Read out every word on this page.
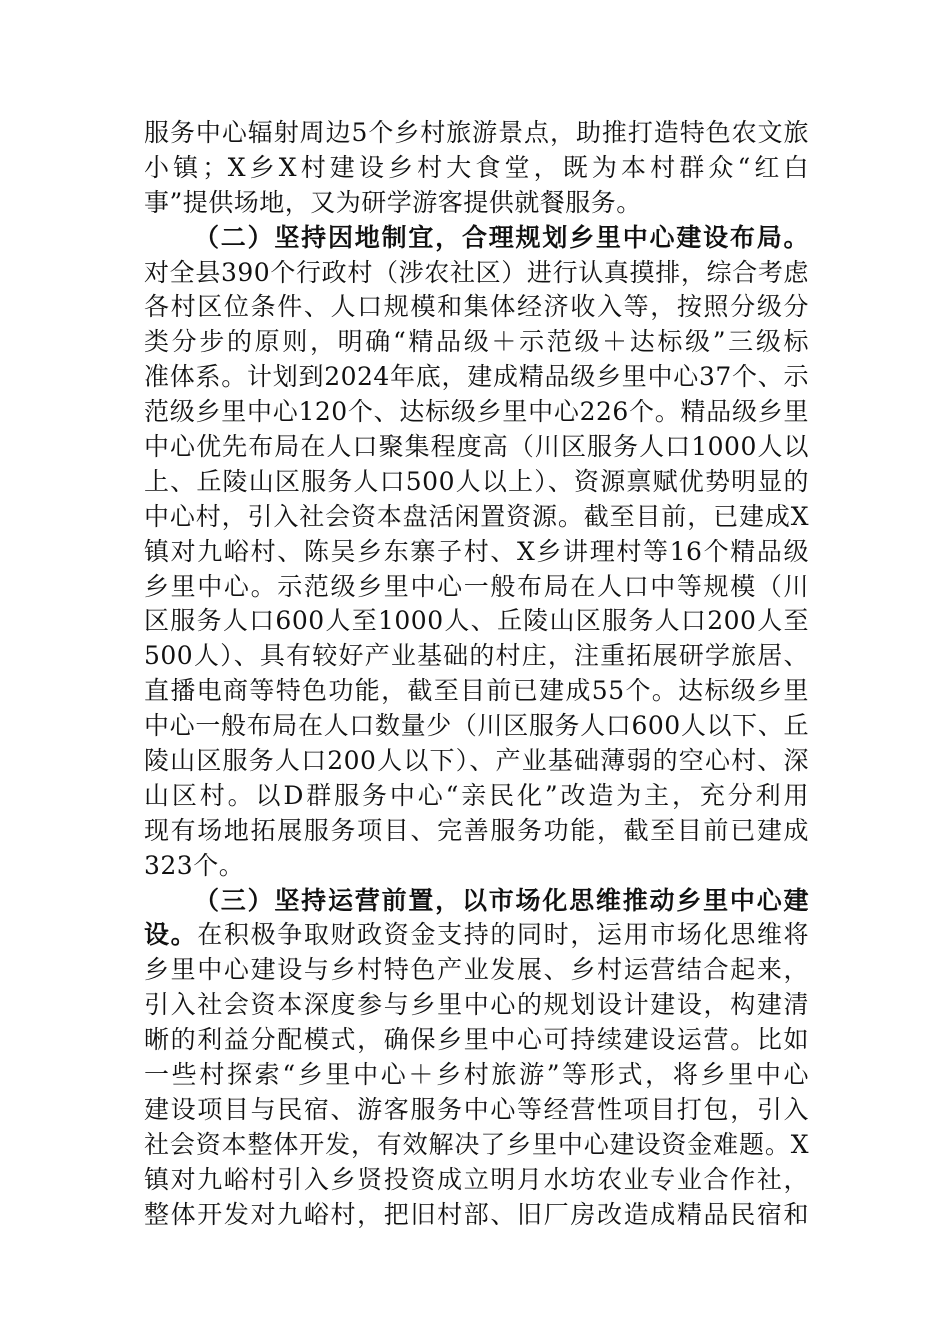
服务中心辐射周边5个乡村旅游景点，助推打造特色农文旅
小镇；X乡X村建设乡村大食堂，既为本村群众“红白
事”提供场地，又为研学游客提供就餐服务。
（二）坚持因地制宜，合理规划乡里中心建设布局。
对全县390个行政村（涉农社区）进行认真摸排，综合考虑
各村区位条件、人口规模和集体经济收入等，按照分级分
类分步的原则，明确“精品级＋示范级＋达标级”三级标
准体系。计划到2024年底，建成精品级乡里中心37个、示
范级乡里中心120个、达标级乡里中心226个。精品级乡里
中心优先布局在人口聚集程度高（川区服务人口1000人以
上、丘陵山区服务人口500人以上）、资源禀赋优势明显的
中心村，引入社会资本盘活闲置资源。截至目前，已建成X
镇对九峪村、陈吴乡东寨子村、X乡讲理村等16个精品级
乡里中心。示范级乡里中心一般布局在人口中等规模（川
区服务人口600人至1000人、丘陵山区服务人口200人至
500人）、具有较好产业基础的村庄，注重拓展研学旅居、
直播电商等特色功能，截至目前已建成55个。达标级乡里
中心一般布局在人口数量少（川区服务人口600人以下、丘
陵山区服务人口200人以下）、产业基础薄弱的空心村、深
山区村。以D群服务中心“亲民化”改造为主，充分利用
现有场地拓展服务项目、完善服务功能，截至目前已建成
323个。
（三）坚持运营前置，以市场化思维推动乡里中心建
设。在积极争取财政资金支持的同时，运用市场化思维将
乡里中心建设与乡村特色产业发展、乡村运营结合起来，
引入社会资本深度参与乡里中心的规划设计建设，构建清
晰的利益分配模式，确保乡里中心可持续建设运营。比如
一些村探索“乡里中心＋乡村旅游”等形式，将乡里中心
建设项目与民宿、游客服务中心等经营性项目打包，引入
社会资本整体开发，有效解决了乡里中心建设资金难题。X
镇对九峪村引入乡贤投资成立明月水坊农业专业合作社，
整体开发对九峪村，把旧村部、旧厂房改造成精品民宿和
